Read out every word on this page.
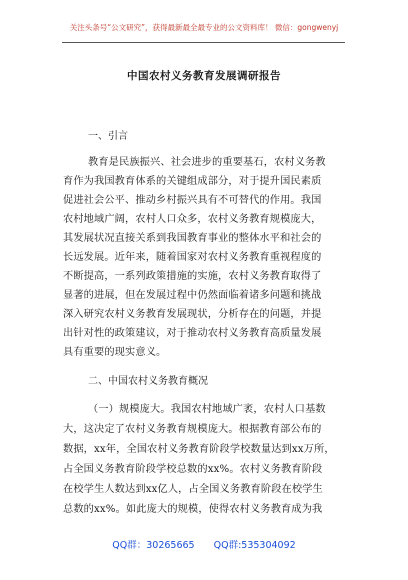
关注头条号“公文研究”，获得最新最全最专业的公文资料库！ 微信：gongwenyj
中国农村义务教育发展调研报告
一、引言
教育是民族振兴、社会进步的重要基石，农村义务教
育作为我国教育体系的关键组成部分，对于提升国民素质
促进社会公平、推动乡村振兴具有不可替代的作用。我国
农村地域广阔，农村人口众多，农村义务教育规模庞大，
其发展状况直接关系到我国教育事业的整体水平和社会的
长远发展。近年来，随着国家对农村义务教育重视程度的
不断提高，一系列政策措施的实施，农村义务教育取得了
显著的进展，但在发展过程中仍然面临着诸多问题和挑战
深入研究农村义务教育发展现状，分析存在的问题，并提
出针对性的政策建议，对于推动农村义务教育高质量发展
具有重要的现实意义。
二、中国农村义务教育概况
（一）规模庞大。我国农村地域广袤，农村人口基数
大，这决定了农村义务教育规模庞大。根据教育部公布的
数据，xx年，全国农村义务教育阶段学校数量达到xx万所，
占全国义务教育阶段学校总数的xx%。农村义务教育阶段
在校学生人数达到xx亿人，占全国义务教育阶段在校学生
总数的xx%。如此庞大的规模，使得农村义务教育成为我
QQ群：30265665 QQ群:535304092
